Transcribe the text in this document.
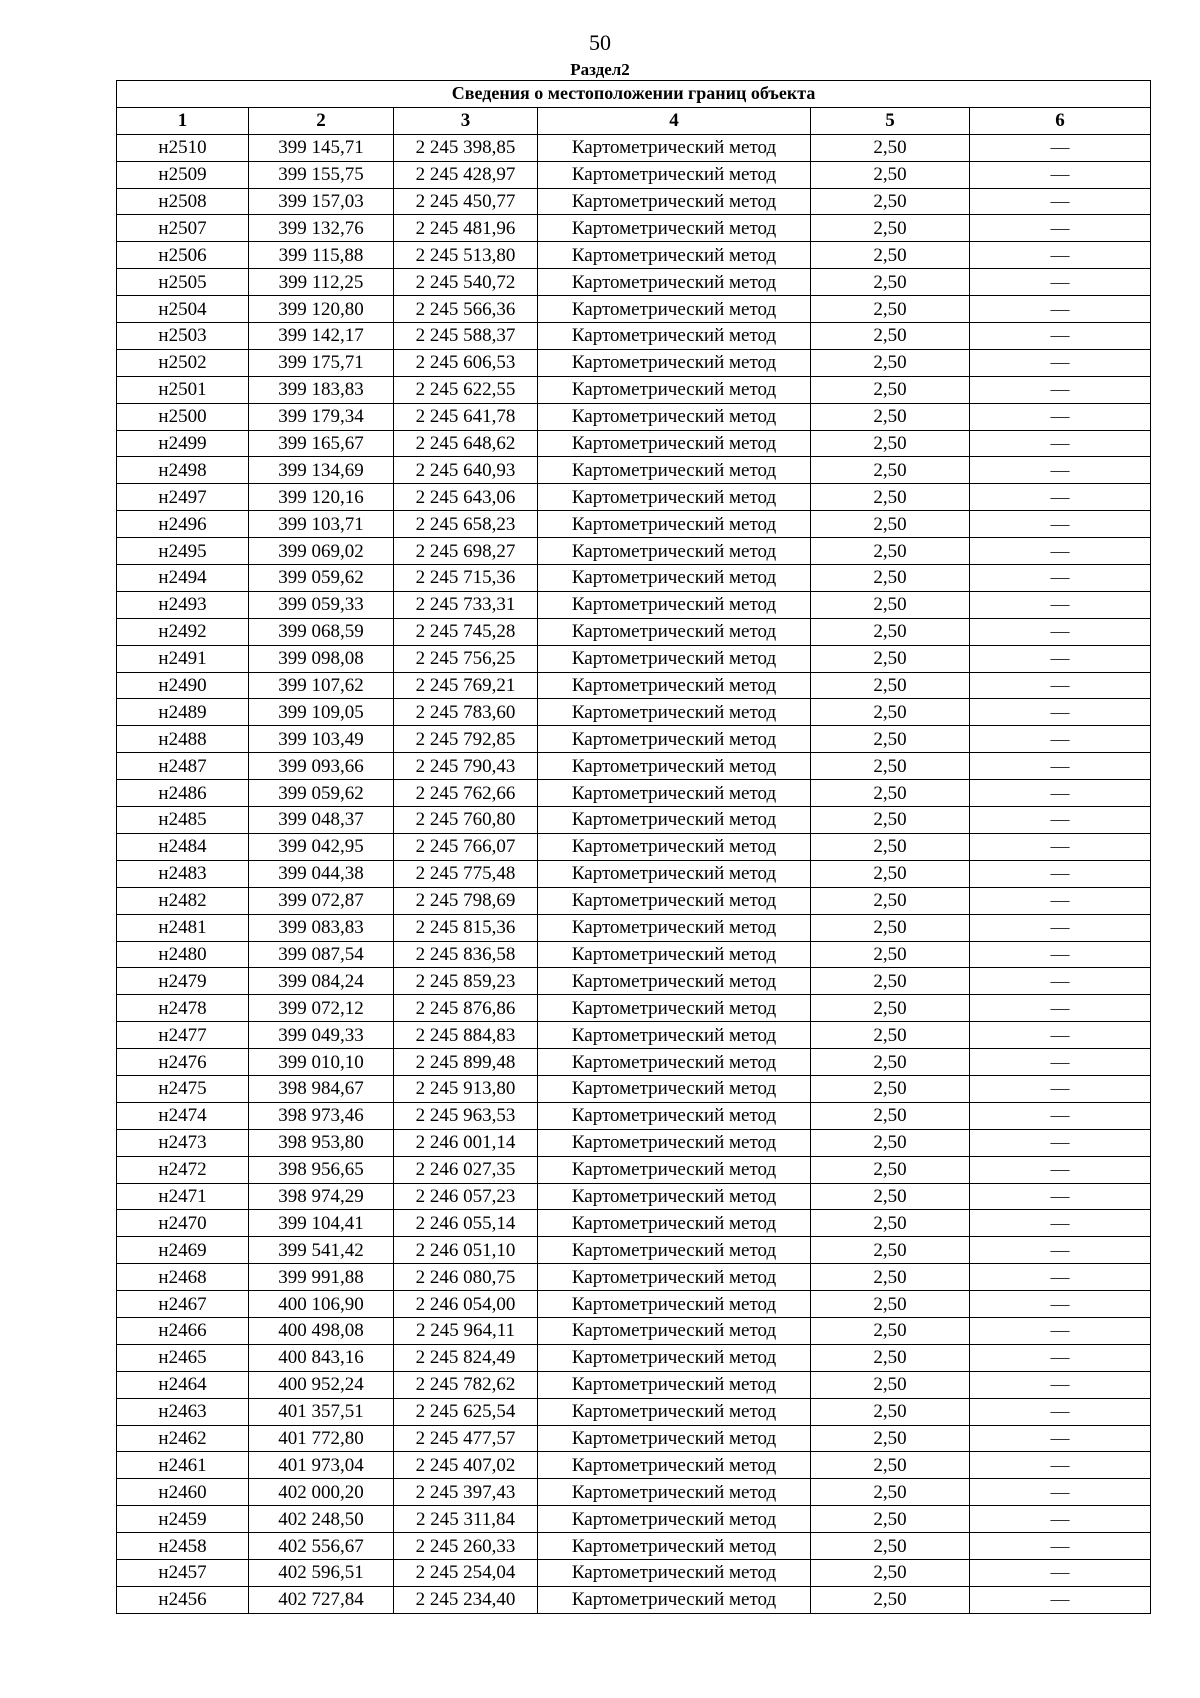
50
Раздел2
Сведения о местоположении границ объекта					
1	2	3	4	5	6
н2510	399 145,71	2 245 398,85	Картометрический метод	2,50	—
н2509	399 155,75	2 245 428,97	Картометрический метод	2,50	—
н2508	399 157,03	2 245 450,77	Картометрический метод	2,50	—
н2507	399 132,76	2 245 481,96	Картометрический метод	2,50	—
н2506	399 115,88	2 245 513,80	Картометрический метод	2,50	—
н2505	399 112,25	2 245 540,72	Картометрический метод	2,50	—
н2504	399 120,80	2 245 566,36	Картометрический метод	2,50	—
н2503	399 142,17	2 245 588,37	Картометрический метод	2,50	—
н2502	399 175,71	2 245 606,53	Картометрический метод	2,50	—
н2501	399 183,83	2 245 622,55	Картометрический метод	2,50	—
н2500	399 179,34	2 245 641,78	Картометрический метод	2,50	—
н2499	399 165,67	2 245 648,62	Картометрический метод	2,50	—
н2498	399 134,69	2 245 640,93	Картометрический метод	2,50	—
н2497	399 120,16	2 245 643,06	Картометрический метод	2,50	—
н2496	399 103,71	2 245 658,23	Картометрический метод	2,50	—
н2495	399 069,02	2 245 698,27	Картометрический метод	2,50	—
н2494	399 059,62	2 245 715,36	Картометрический метод	2,50	—
н2493	399 059,33	2 245 733,31	Картометрический метод	2,50	—
н2492	399 068,59	2 245 745,28	Картометрический метод	2,50	—
н2491	399 098,08	2 245 756,25	Картометрический метод	2,50	—
н2490	399 107,62	2 245 769,21	Картометрический метод	2,50	—
н2489	399 109,05	2 245 783,60	Картометрический метод	2,50	—
н2488	399 103,49	2 245 792,85	Картометрический метод	2,50	—
н2487	399 093,66	2 245 790,43	Картометрический метод	2,50	—
н2486	399 059,62	2 245 762,66	Картометрический метод	2,50	—
н2485	399 048,37	2 245 760,80	Картометрический метод	2,50	—
н2484	399 042,95	2 245 766,07	Картометрический метод	2,50	—
н2483	399 044,38	2 245 775,48	Картометрический метод	2,50	—
н2482	399 072,87	2 245 798,69	Картометрический метод	2,50	—
н2481	399 083,83	2 245 815,36	Картометрический метод	2,50	—
н2480	399 087,54	2 245 836,58	Картометрический метод	2,50	—
н2479	399 084,24	2 245 859,23	Картометрический метод	2,50	—
н2478	399 072,12	2 245 876,86	Картометрический метод	2,50	—
н2477	399 049,33	2 245 884,83	Картометрический метод	2,50	—
н2476	399 010,10	2 245 899,48	Картометрический метод	2,50	—
н2475	398 984,67	2 245 913,80	Картометрический метод	2,50	—
н2474	398 973,46	2 245 963,53	Картометрический метод	2,50	—
н2473	398 953,80	2 246 001,14	Картометрический метод	2,50	—
н2472	398 956,65	2 246 027,35	Картометрический метод	2,50	—
н2471	398 974,29	2 246 057,23	Картометрический метод	2,50	—
н2470	399 104,41	2 246 055,14	Картометрический метод	2,50	—
н2469	399 541,42	2 246 051,10	Картометрический метод	2,50	—
н2468	399 991,88	2 246 080,75	Картометрический метод	2,50	—
н2467	400 106,90	2 246 054,00	Картометрический метод	2,50	—
н2466	400 498,08	2 245 964,11	Картометрический метод	2,50	—
н2465	400 843,16	2 245 824,49	Картометрический метод	2,50	—
н2464	400 952,24	2 245 782,62	Картометрический метод	2,50	—
н2463	401 357,51	2 245 625,54	Картометрический метод	2,50	—
н2462	401 772,80	2 245 477,57	Картометрический метод	2,50	—
н2461	401 973,04	2 245 407,02	Картометрический метод	2,50	—
н2460	402 000,20	2 245 397,43	Картометрический метод	2,50	—
н2459	402 248,50	2 245 311,84	Картометрический метод	2,50	—
н2458	402 556,67	2 245 260,33	Картометрический метод	2,50	—
н2457	402 596,51	2 245 254,04	Картометрический метод	2,50	—
н2456	402 727,84	2 245 234,40	Картометрический метод	2,50	—
